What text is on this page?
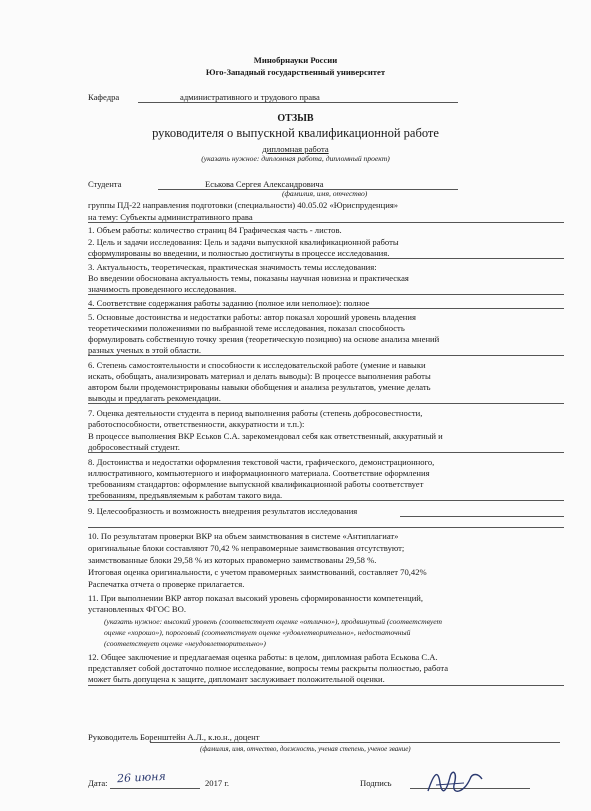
Минобрнауки России
Юго-Западный государственный университет
Кафедра	административного и трудового права
ОТЗЫВ
руководителя о выпускной квалификационной работе
дипломная работа
(указать нужное: дипломная работа, дипломный проект)
Студента	Еськова Сергея Александровича
(фамилия, имя, отчество)
группы ПД-22 направления подготовки (специальности) 40.05.02 «Юриспруденция»
на тему: Субъекты административного права
1. Объем работы: количество страниц 84 Графическая часть - листов.
2. Цель и задачи исследования: Цель и задачи выпускной квалификационной работы
сформулированы во введении, и полностью достигнуты в процессе исследования.
3. Актуальность, теоретическая, практическая значимость темы исследования:
Во введении обоснована актуальность темы, показаны научная новизна и практическая
значимость проведенного исследования.
4. Соответствие содержания работы заданию (полное или неполное): полное
5. Основные достоинства и недостатки работы: автор показал хороший уровень владения
теоретическими положениями по выбранной теме исследования, показал способность
формулировать собственную точку зрения (теоретическую позицию) на основе анализа мнений
разных ученых в этой области.
6. Степень самостоятельности и способности к исследовательской работе (умение и навыки
искать, обобщать, анализировать материал и делать выводы): В процессе выполнения работы
автором были продемонстрированы навыки обобщения и анализа результатов, умение делать
выводы и предлагать рекомендации.
7. Оценка деятельности студента в период выполнения работы (степень добросовестности,
работоспособности, ответственности, аккуратности и т.п.):
В процессе выполнения ВКР Еськов С.А. зарекомендовал себя как ответственный, аккуратный и
добросовестный студент.
8. Достоинства и недостатки оформления текстовой части, графического, демонстрационного,
иллюстративного, компьютерного и информационного материала. Соответствие оформления
требованиям стандартов: оформление выпускной квалификационной работы соответствует
требованиям, предъявляемым к работам такого вида.
9. Целесообразность и возможность внедрения результатов исследования
10. По результатам проверки ВКР на объем заимствования в системе «Антиплагиат»
оригинальные блоки составляют 70,42 % неправомерные заимствования отсутствуют;
заимствованные блоки 29,58 % из которых правомерно заимствованы 29,58 %.
Итоговая оценка оригинальности, с учетом правомерных заимствований, составляет 70,42%
Распечатка отчета о проверке прилагается.
11. При выполнении ВКР автор показал высокий уровень сформированности компетенций,
установленных ФГОС ВО.
(указать нужное: высокий уровень (соответствует оценке «отлично»), продвинутый (соответствует
оценке «хорошо»), пороговый (соответствует оценке «удовлетворительно», недостаточный
(соответствует оценке «неудовлетворительно»)
12. Общее заключение и предлагаемая оценка работы: в целом, дипломная работа Еськова С.А.
представляет собой достаточно полное исследование, вопросы темы раскрыты полностью, работа
может быть допущена к защите, дипломант заслуживает положительной оценки.
Руководитель Боренштейн А.Л., к.ю.н., доцент
(фамилия, имя, отчество, должность, ученая степень, ученое звание)
Дата: 26 июня	2017 г.	Подпись
